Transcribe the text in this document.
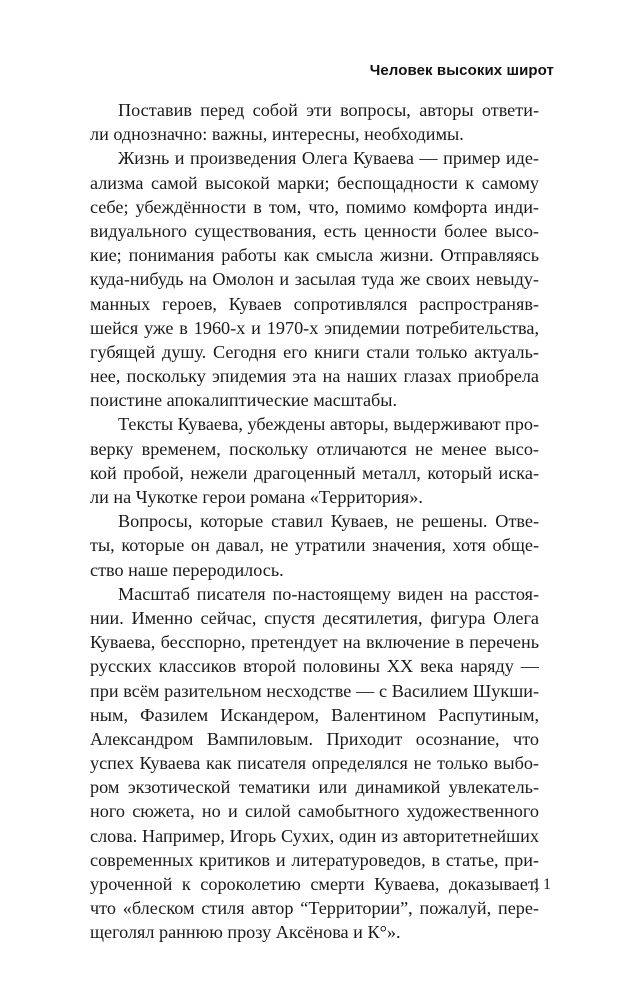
Человек высоких широт
Поставив перед собой эти вопросы, авторы ответи-
ли однозначно: важны, интересны, необходимы.
Жизнь и произведения Олега Куваева — пример иде-
ализма самой высокой марки; беспощадности к самому
себе; убеждённости в том, что, помимо комфорта инди-
видуального существования, есть ценности более высо-
кие; понимания работы как смысла жизни. Отправляясь
куда-нибудь на Омолон и засылая туда же своих невыду-
манных героев, Куваев сопротивлялся распространяв-
шейся уже в 1960-х и 1970-х эпидемии потребительства,
губящей душу. Сегодня его книги стали только актуаль-
нее, поскольку эпидемия эта на наших глазах приобрела
поистине апокалиптические масштабы.
Тексты Куваева, убеждены авторы, выдерживают про-
верку временем, поскольку отличаются не менее высо-
кой пробой, нежели драгоценный металл, который иска-
ли на Чукотке герои романа «Территория».
Вопросы, которые ставил Куваев, не решены. Отве-
ты, которые он давал, не утратили значения, хотя обще-
ство наше переродилось.
Масштаб писателя по-настоящему виден на расстоя-
нии. Именно сейчас, спустя десятилетия, фигура Олега
Куваева, бесспорно, претендует на включение в перечень
русских классиков второй половины XX века наряду —
при всём разительном несходстве — с Василием Шукши-
ным, Фазилем Искандером, Валентином Распутиным,
Александром Вампиловым. Приходит осознание, что
успех Куваева как писателя определялся не только выбо-
ром экзотической тематики или динамикой увлекатель-
ного сюжета, но и силой самобытного художественного
слова. Например, Игорь Сухих, один из авторитетнейших
современных критиков и литературоведов, в статье, при-
уроченной к сороколетию смерти Куваева, доказывает,
что «блеском стиля автор “Территории”, пожалуй, пере-
щеголял раннюю прозу Аксёнова и К°».
11
